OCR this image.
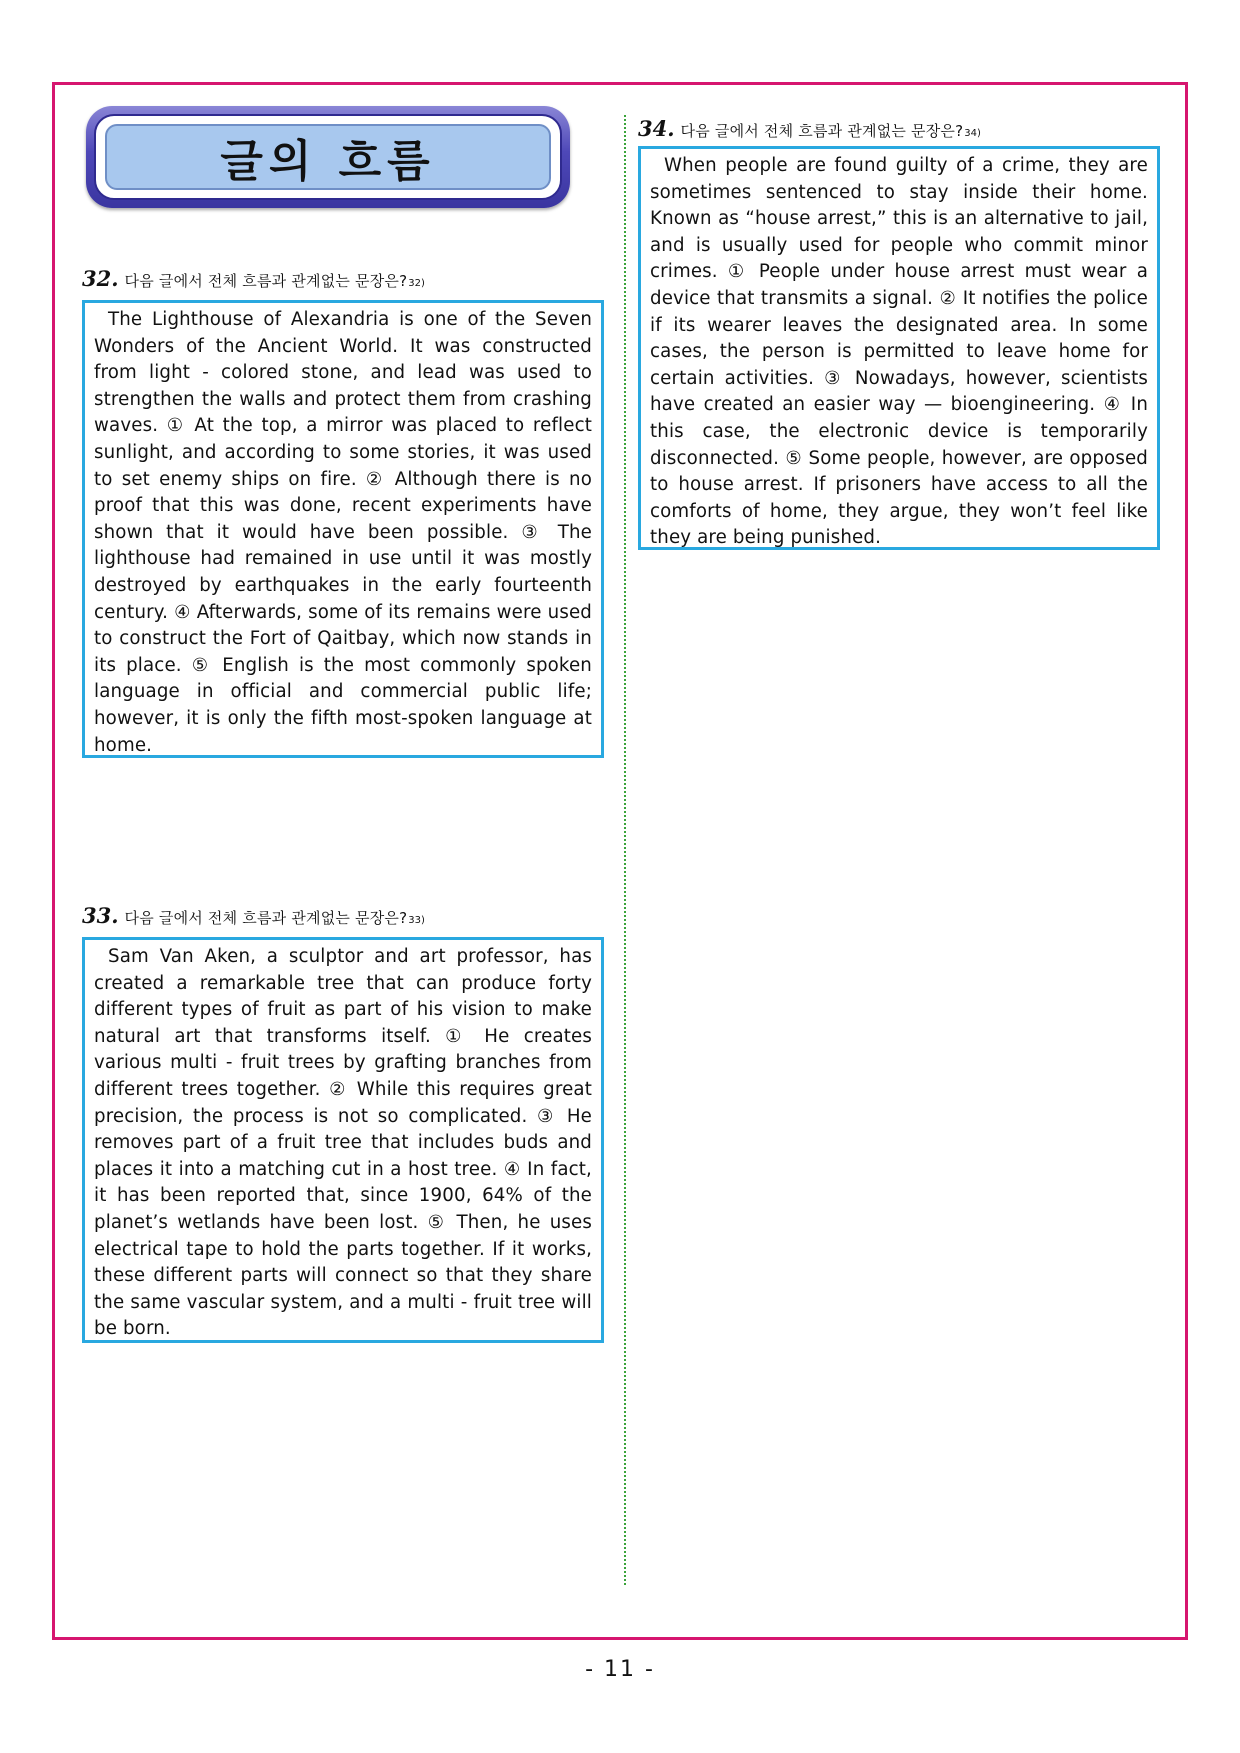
글의 흐름
32. 다음 글에서 전체 흐름과 관계없는 문장은? 32)

The Lighthouse of Alexandria is one of the Seven Wonders of the Ancient World. It was constructed from light - colored stone, and lead was used to strengthen the walls and protect them from crashing waves. ① At the top, a mirror was placed to reflect sunlight, and according to some stories, it was used to set enemy ships on fire. ② Although there is no proof that this was done, recent experiments have shown that it would have been possible. ③ The lighthouse had remained in use until it was mostly destroyed by earthquakes in the early fourteenth century. ④ Afterwards, some of its remains were used to construct the Fort of Qaitbay, which now stands in its place. ⑤ English is the most commonly spoken language in official and commercial public life; however, it is only the fifth most-spoken language at home.

33. 다음 글에서 전체 흐름과 관계없는 문장은? 33)

Sam Van Aken, a sculptor and art professor, has created a remarkable tree that can produce forty different types of fruit as part of his vision to make natural art that transforms itself. ① He creates various multi - fruit trees by grafting branches from different trees together. ② While this requires great precision, the process is not so complicated. ③ He removes part of a fruit tree that includes buds and places it into a matching cut in a host tree. ④ In fact, it has been reported that, since 1900, 64% of the planet’s wetlands have been lost. ⑤ Then, he uses electrical tape to hold the parts together. If it works, these different parts will connect so that they share the same vascular system, and a multi - fruit tree will be born.

34. 다음 글에서 전체 흐름과 관계없는 문장은? 34)

When people are found guilty of a crime, they are sometimes sentenced to stay inside their home. Known as “house arrest,” this is an alternative to jail, and is usually used for people who commit minor crimes. ① People under house arrest must wear a device that transmits a signal. ② It notifies the police if its wearer leaves the designated area. In some cases, the person is permitted to leave home for certain activities. ③ Nowadays, however, scientists have created an easier way — bioengineering. ④ In this case, the electronic device is temporarily disconnected. ⑤ Some people, however, are opposed to house arrest. If prisoners have access to all the comforts of home, they argue, they won’t feel like they are being punished.

- 11 -
